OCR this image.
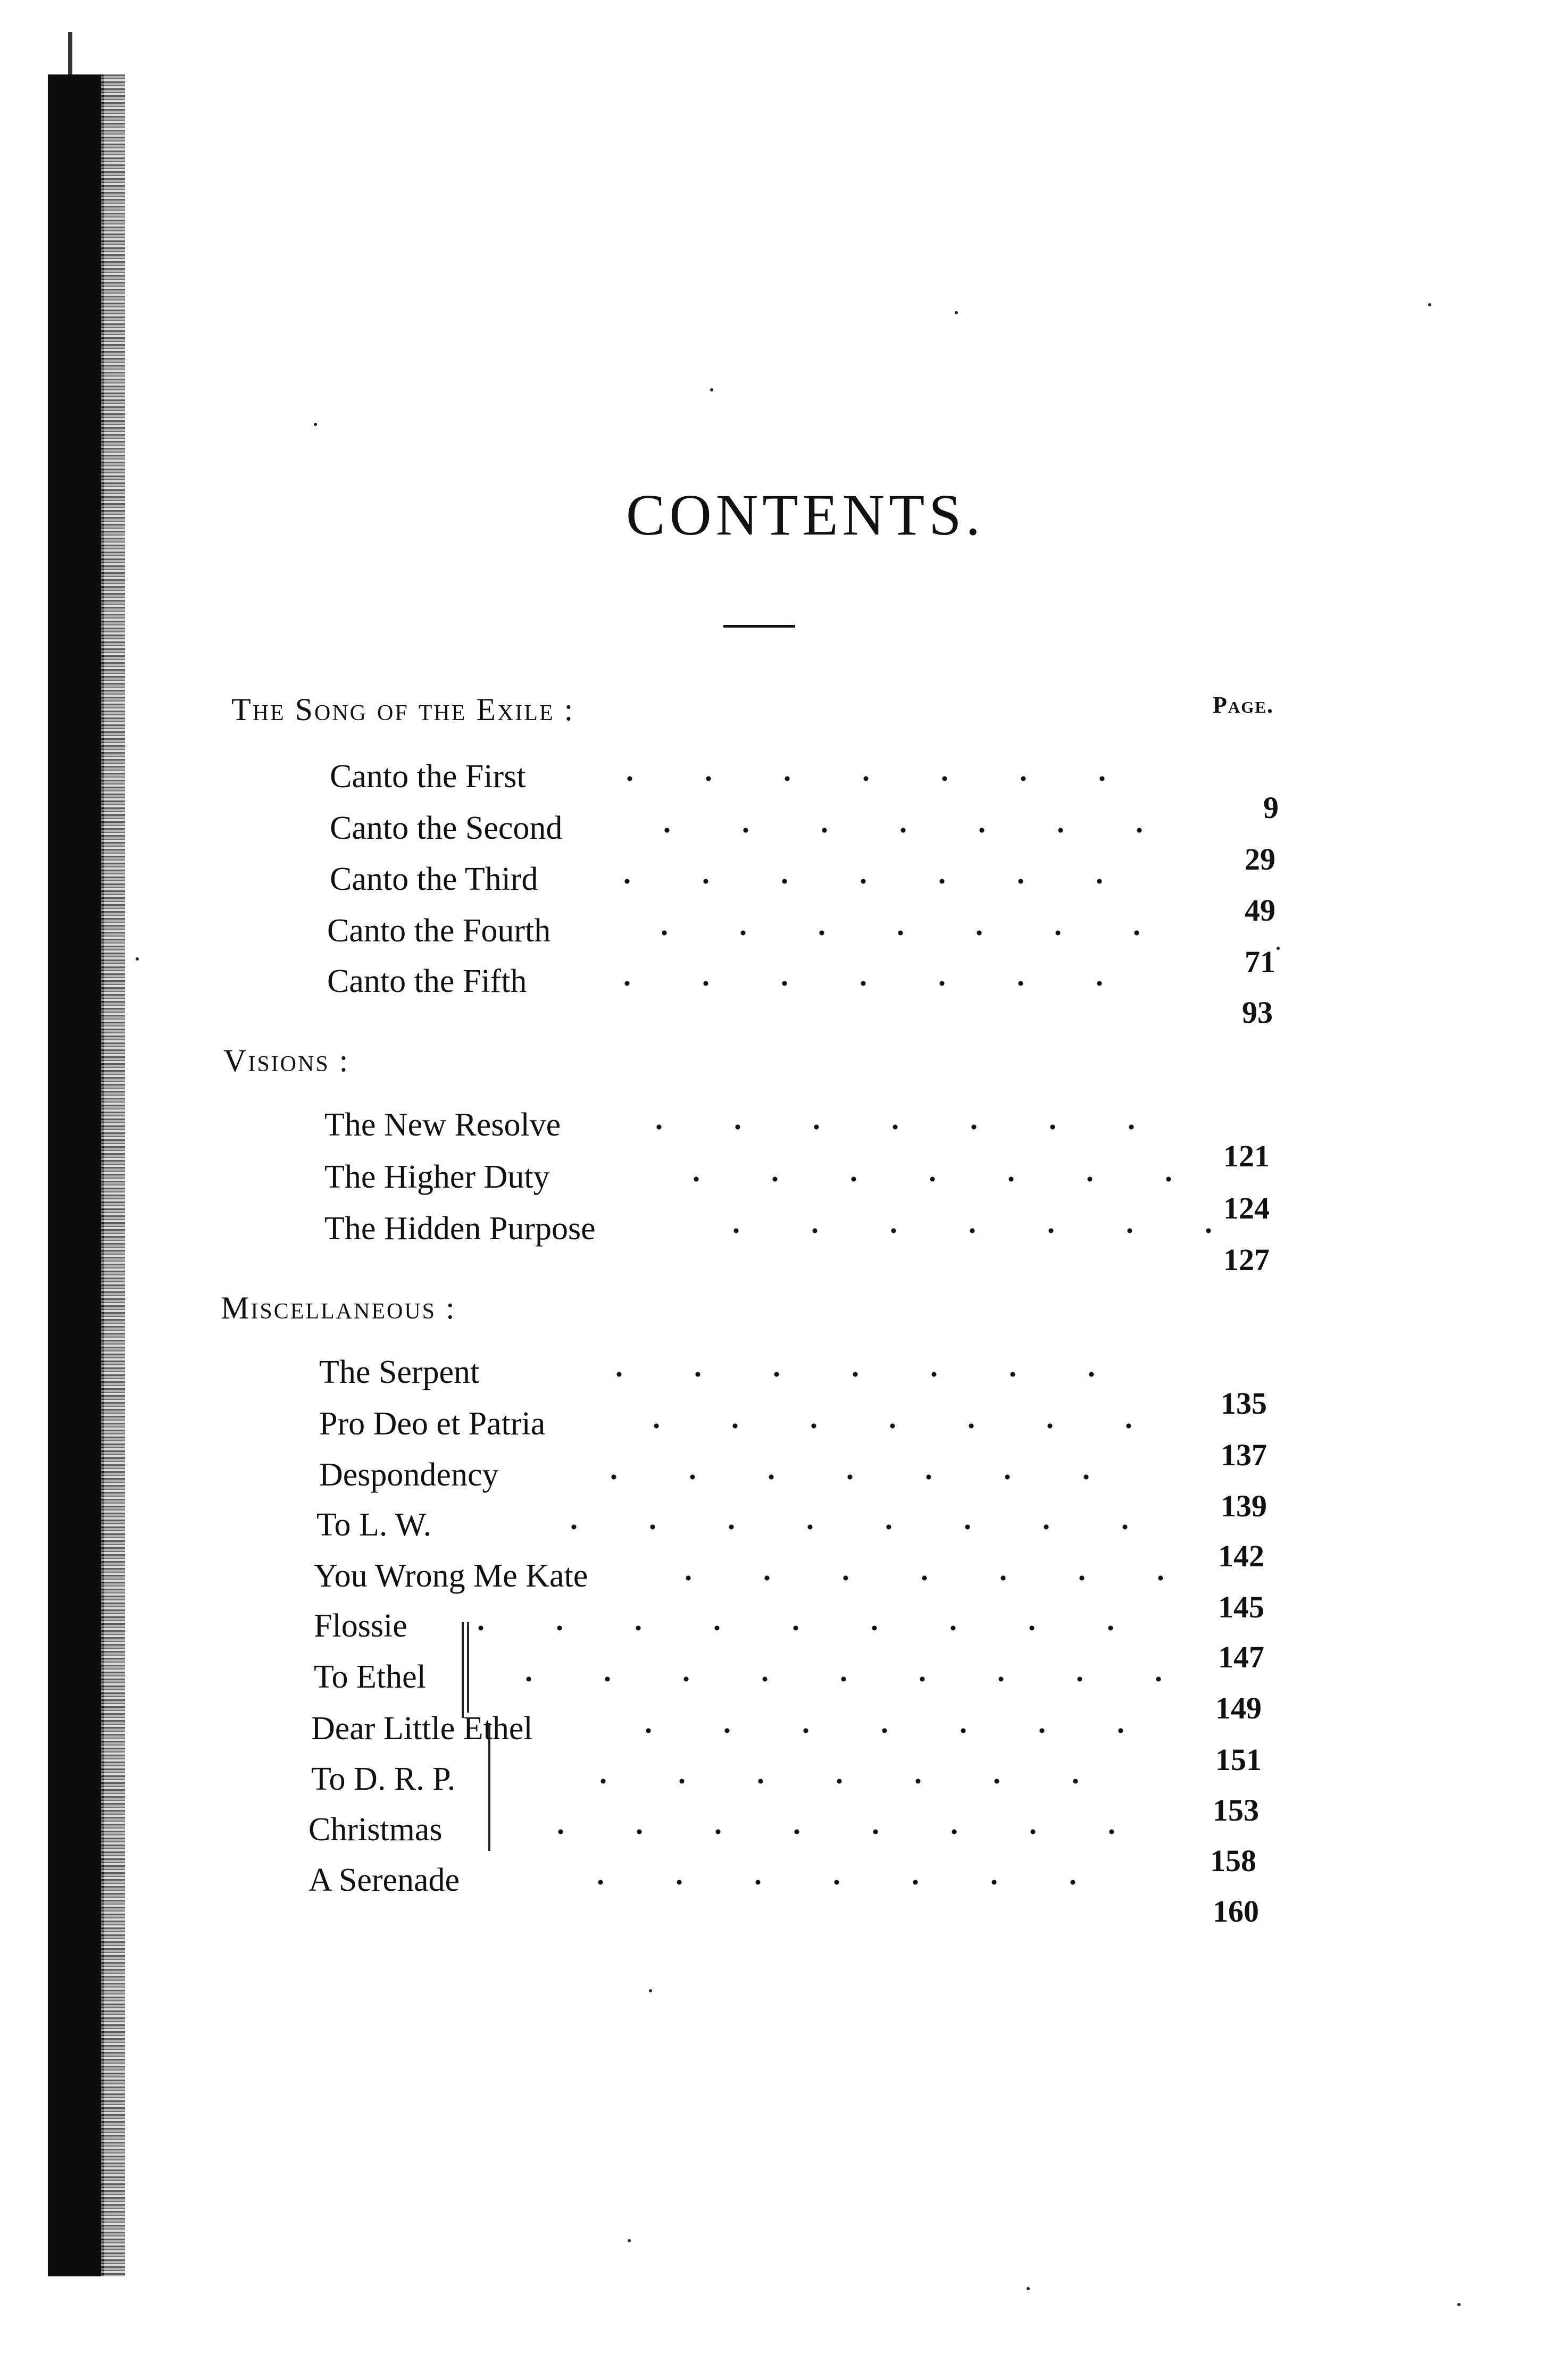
CONTENTS.
Page.
The Song of the Exile :
Canto the First
9
Canto the Second
29
Canto the Third
49
Canto the Fourth
71
Canto the Fifth
93
Visions :
The New Resolve
121
The Higher Duty
124
The Hidden Purpose
127
Miscellaneous :
The Serpent
135
Pro Deo et Patria
137
Despondency
139
To L. W.
142
You Wrong Me Kate
145
Flossie
147
To Ethel
149
Dear Little Ethel
151
To D. R. P.
153
Christmas
158
A Serenade
160
